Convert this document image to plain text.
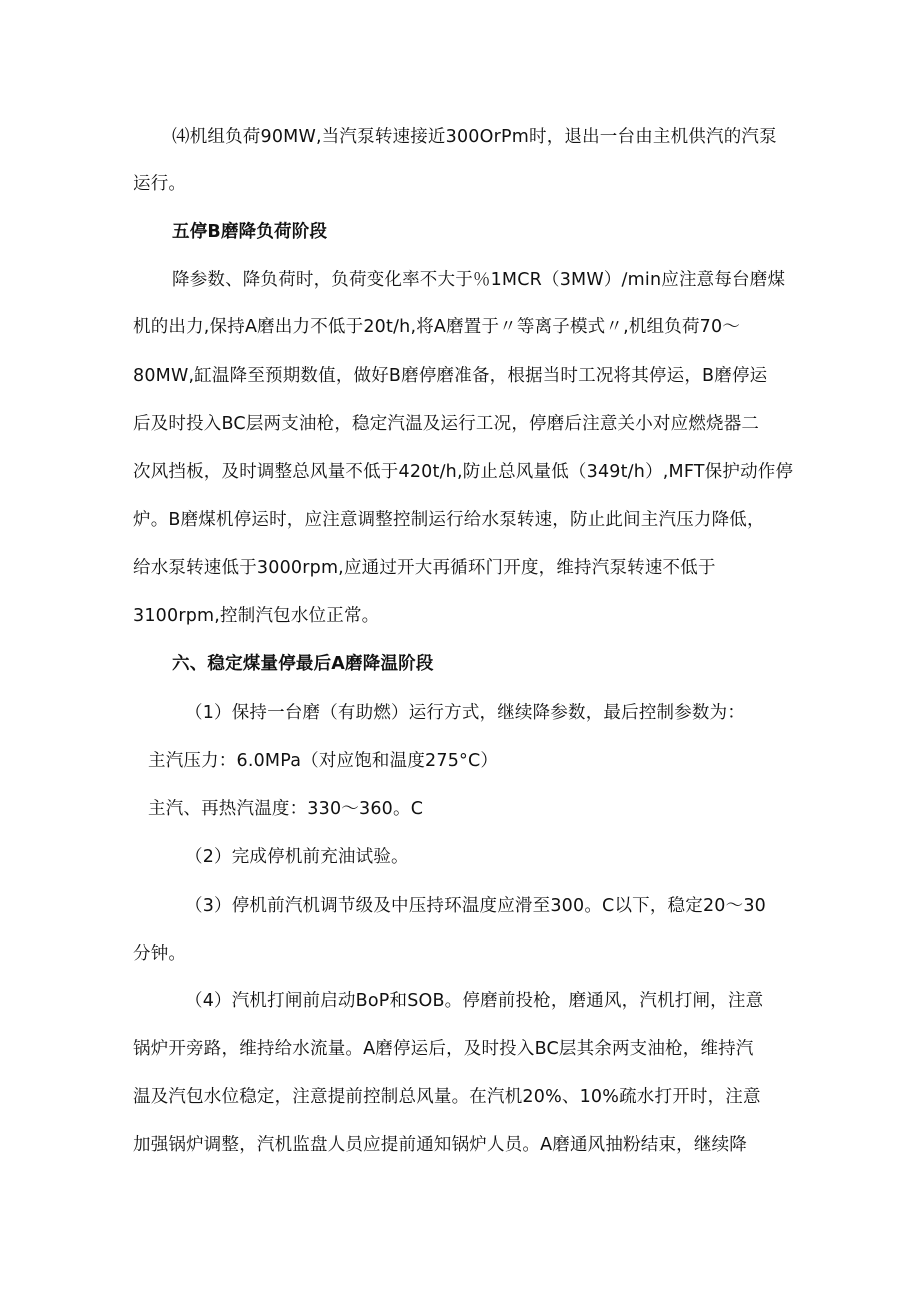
⑷机组负荷90MW,当汽泵转速接近300OrPm时，退出一台由主机供汽的汽泵
运行。
五停B磨降负荷阶段
降参数、降负荷时，负荷变化率不大于％1MCR（3MW）∕min应注意每台磨煤
机的出力,保持A磨出力不低于20t∕h,将A磨置于〃等离子模式〃,机组负荷70～
80MW,缸温降至预期数值，做好B磨停磨准备，根据当时工况将其停运，B磨停运
后及时投入BC层两支油枪，稳定汽温及运行工况，停磨后注意关小对应燃烧器二
次风挡板，及时调整总风量不低于420t∕h,防止总风量低（349t∕h）,MFT保护动作停
炉。B磨煤机停运时，应注意调整控制运行给水泵转速，防止此间主汽压力降低，
给水泵转速低于3000rpm,应通过开大再循环门开度，维持汽泵转速不低于
3100rpm,控制汽包水位正常。
六、稳定煤量停最后A磨降温阶段
（1）保持一台磨（有助燃）运行方式，继续降参数，最后控制参数为：
主汽压力：6.0MPa（对应饱和温度275°C）
主汽、再热汽温度：330～360。C
（2）完成停机前充油试验。
（3）停机前汽机调节级及中压持环温度应滑至300。C以下，稳定20～30
分钟。
（4）汽机打闸前启动BoP和SOB。停磨前投枪，磨通风，汽机打闸，注意
锅炉开旁路，维持给水流量。A磨停运后，及时投入BC层其余两支油枪，维持汽
温及汽包水位稳定，注意提前控制总风量。在汽机20%、10%疏水打开时，注意
加强锅炉调整，汽机监盘人员应提前通知锅炉人员。A磨通风抽粉结束，继续降
